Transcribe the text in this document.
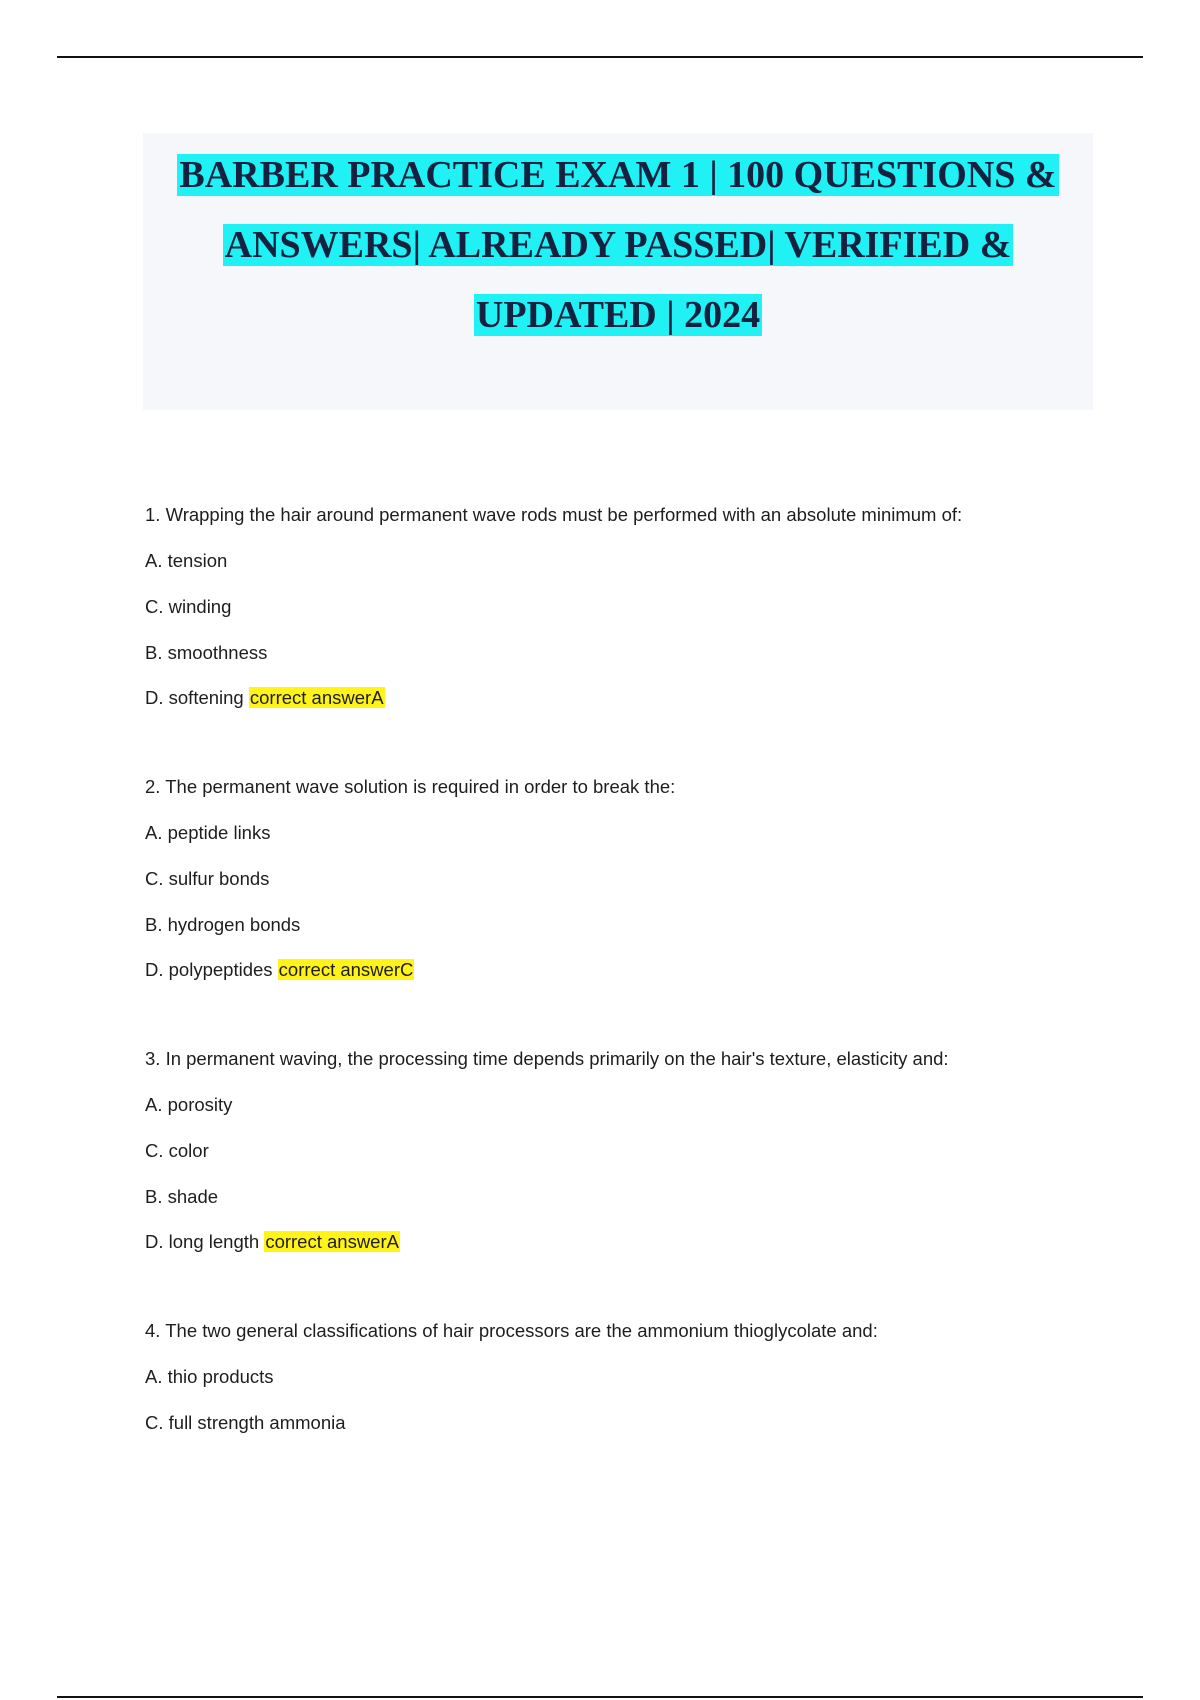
BARBER PRACTICE EXAM 1 | 100 QUESTIONS &
ANSWERS| ALREADY PASSED| VERIFIED &
UPDATED | 2024
1. Wrapping the hair around permanent wave rods must be performed with an absolute minimum of:
A. tension
C. winding
B. smoothness
D. softening correct answerA
2. The permanent wave solution is required in order to break the:
A. peptide links
C. sulfur bonds
B. hydrogen bonds
D. polypeptides correct answerC
3. In permanent waving, the processing time depends primarily on the hair's texture, elasticity and:
A. porosity
C. color
B. shade
D. long length correct answerA
4. The two general classifications of hair processors are the ammonium thioglycolate and:
A. thio products
C. full strength ammonia
